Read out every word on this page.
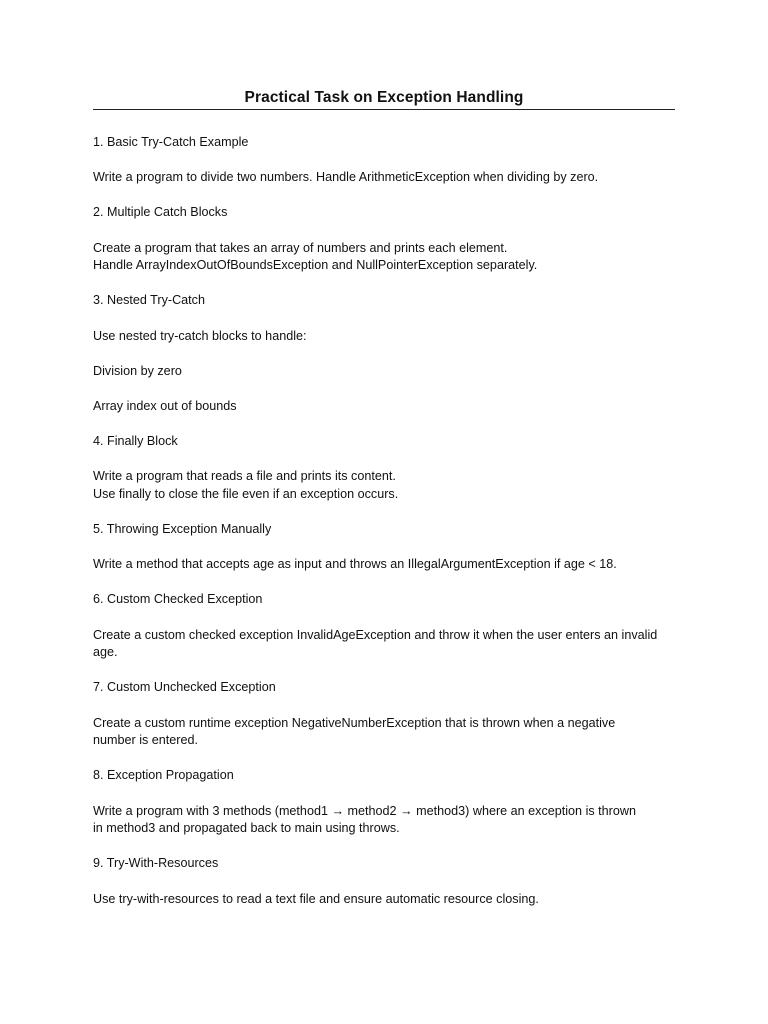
Practical Task on Exception Handling

1. Basic Try-Catch Example

Write a program to divide two numbers. Handle ArithmeticException when dividing by zero.

2. Multiple Catch Blocks

Create a program that takes an array of numbers and prints each element.
Handle ArrayIndexOutOfBoundsException and NullPointerException separately.

3. Nested Try-Catch

Use nested try-catch blocks to handle:

Division by zero

Array index out of bounds

4. Finally Block

Write a program that reads a file and prints its content.
Use finally to close the file even if an exception occurs.

5. Throwing Exception Manually

Write a method that accepts age as input and throws an IllegalArgumentException if age < 18.

6. Custom Checked Exception

Create a custom checked exception InvalidAgeException and throw it when the user enters an invalid
age.

7. Custom Unchecked Exception

Create a custom runtime exception NegativeNumberException that is thrown when a negative
number is entered.

8. Exception Propagation

Write a program with 3 methods (method1 → method2 → method3) where an exception is thrown
in method3 and propagated back to main using throws.

9. Try-With-Resources

Use try-with-resources to read a text file and ensure automatic resource closing.
